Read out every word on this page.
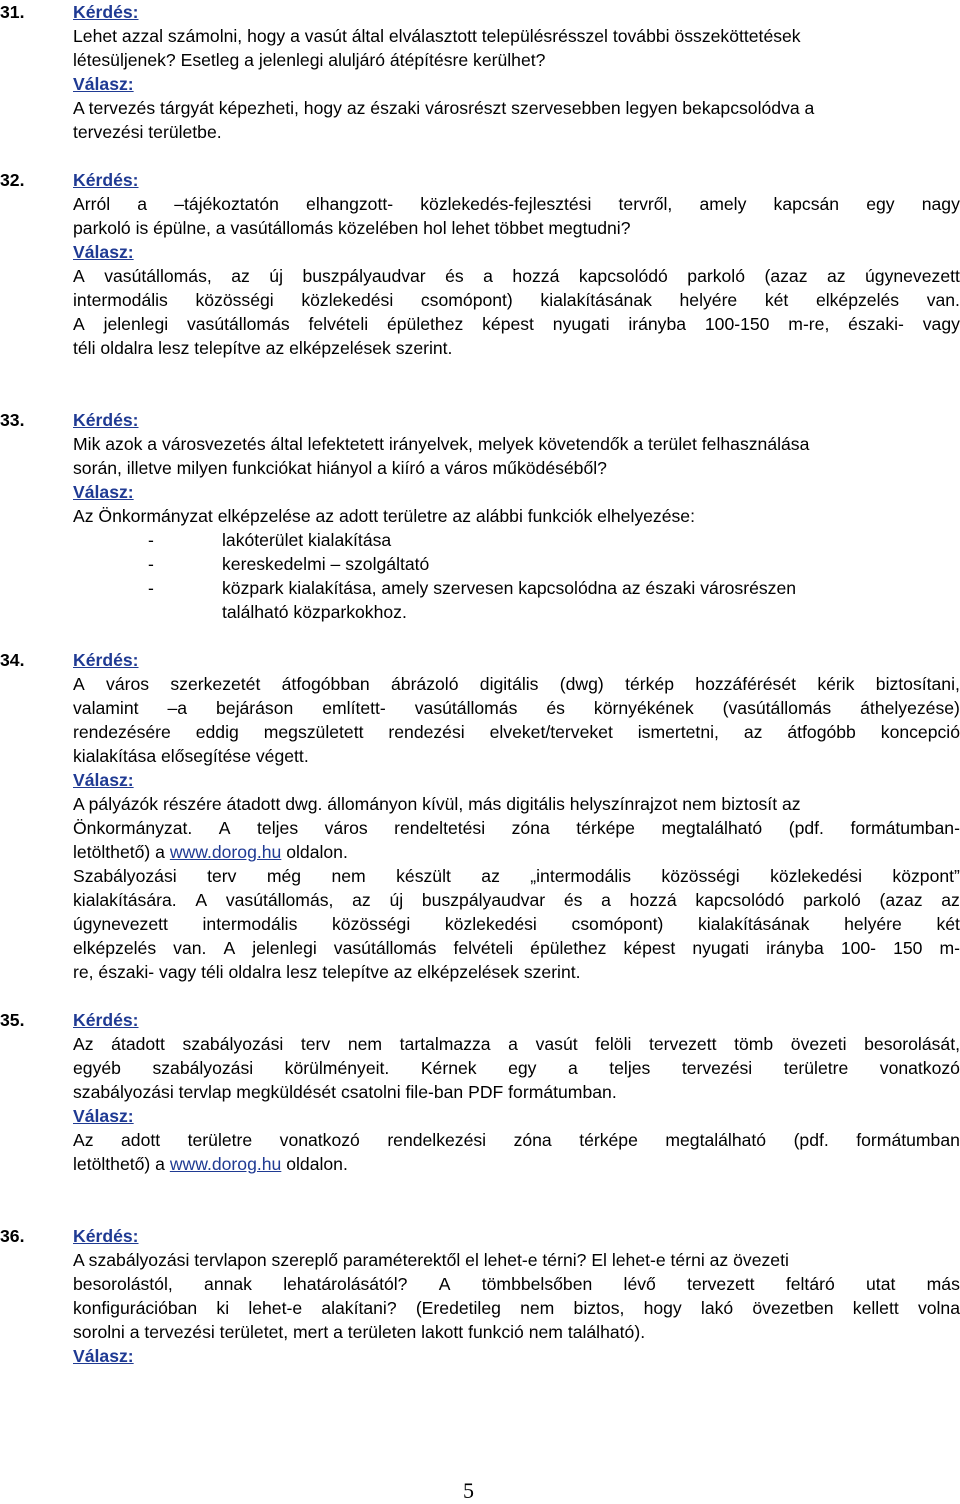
31.	Kérdés:
Lehet azzal számolni, hogy a vasút által elválasztott településrésszel további összeköttetések
létesüljenek? Esetleg a jelenlegi aluljáró átépítésre kerülhet?
Válasz:
A tervezés tárgyát képezheti, hogy az északi városrészt szervesebben legyen bekapcsolódva a
tervezési területbe.
32.	Kérdés:
Arról a –tájékoztatón elhangzott- közlekedés-fejlesztési tervről, amely kapcsán egy nagy
parkoló is épülne, a vasútállomás közelében hol lehet többet megtudni?
Válasz:
A vasútállomás, az új buszpályaudvar és a hozzá kapcsolódó parkoló (azaz az úgynevezett
intermodális közösségi közlekedési csomópont) kialakításának helyére két elképzelés van.
A jelenlegi vasútállomás felvételi épülethez képest nyugati irányba 100-150 m-re, északi- vagy
téli oldalra lesz telepítve az elképzelések szerint.
33.	Kérdés:
Mik azok a városvezetés által lefektetett irányelvek, melyek követendők a terület felhasználása
során, illetve milyen funkciókat hiányol a kiíró a város működéséből?
Válasz:
Az Önkormányzat elképzelése az adott területre az alábbi funkciók elhelyezése:
-	lakóterület kialakítása
-	kereskedelmi – szolgáltató
-	közpark kialakítása, amely szervesen kapcsolódna az északi városrészen
található közparkokhoz.
34.	Kérdés:
A város szerkezetét átfogóbban ábrázoló digitális (dwg) térkép hozzáférését kérik biztosítani,
valamint –a bejáráson említett- vasútállomás és környékének (vasútállomás áthelyezése)
rendezésére eddig megszületett rendezési elveket/terveket ismertetni, az átfogóbb koncepció
kialakítása elősegítése végett.
Válasz:
A pályázók részére átadott dwg. állományon kívül, más digitális helyszínrajzot nem biztosít az
Önkormányzat. A teljes város rendeltetési zóna térképe megtalálható (pdf. formátumban-
letölthető) a www.dorog.hu oldalon.
Szabályozási terv még nem készült az „intermodális közösségi közlekedési központ”
kialakítására. A vasútállomás, az új buszpályaudvar és a hozzá kapcsolódó parkoló (azaz az
úgynevezett intermodális közösségi közlekedési csomópont) kialakításának helyére két
elképzelés van. A jelenlegi vasútállomás felvételi épülethez képest nyugati irányba 100- 150 m-
re, északi- vagy téli oldalra lesz telepítve az elképzelések szerint.
35.	Kérdés:
Az átadott szabályozási terv nem tartalmazza a vasút felöli tervezett tömb övezeti besorolását,
egyéb szabályozási körülményeit. Kérnek egy a teljes tervezési területre vonatkozó
szabályozási tervlap megküldését csatolni file-ban PDF formátumban.
Válasz:
Az adott területre vonatkozó rendelkezési zóna térképe megtalálható (pdf. formátumban
letölthető) a www.dorog.hu oldalon.
36.	Kérdés:
A szabályozási tervlapon szereplő paraméterektől el lehet-e térni? El lehet-e térni az övezeti
besorolástól, annak lehatárolásától? A tömbbelsőben lévő tervezett feltáró utat más
konfigurációban ki lehet-e alakítani? (Eredetileg nem biztos, hogy lakó övezetben kellett volna
sorolni a tervezési területet, mert a területen lakott funkció nem található).
Válasz:
5
